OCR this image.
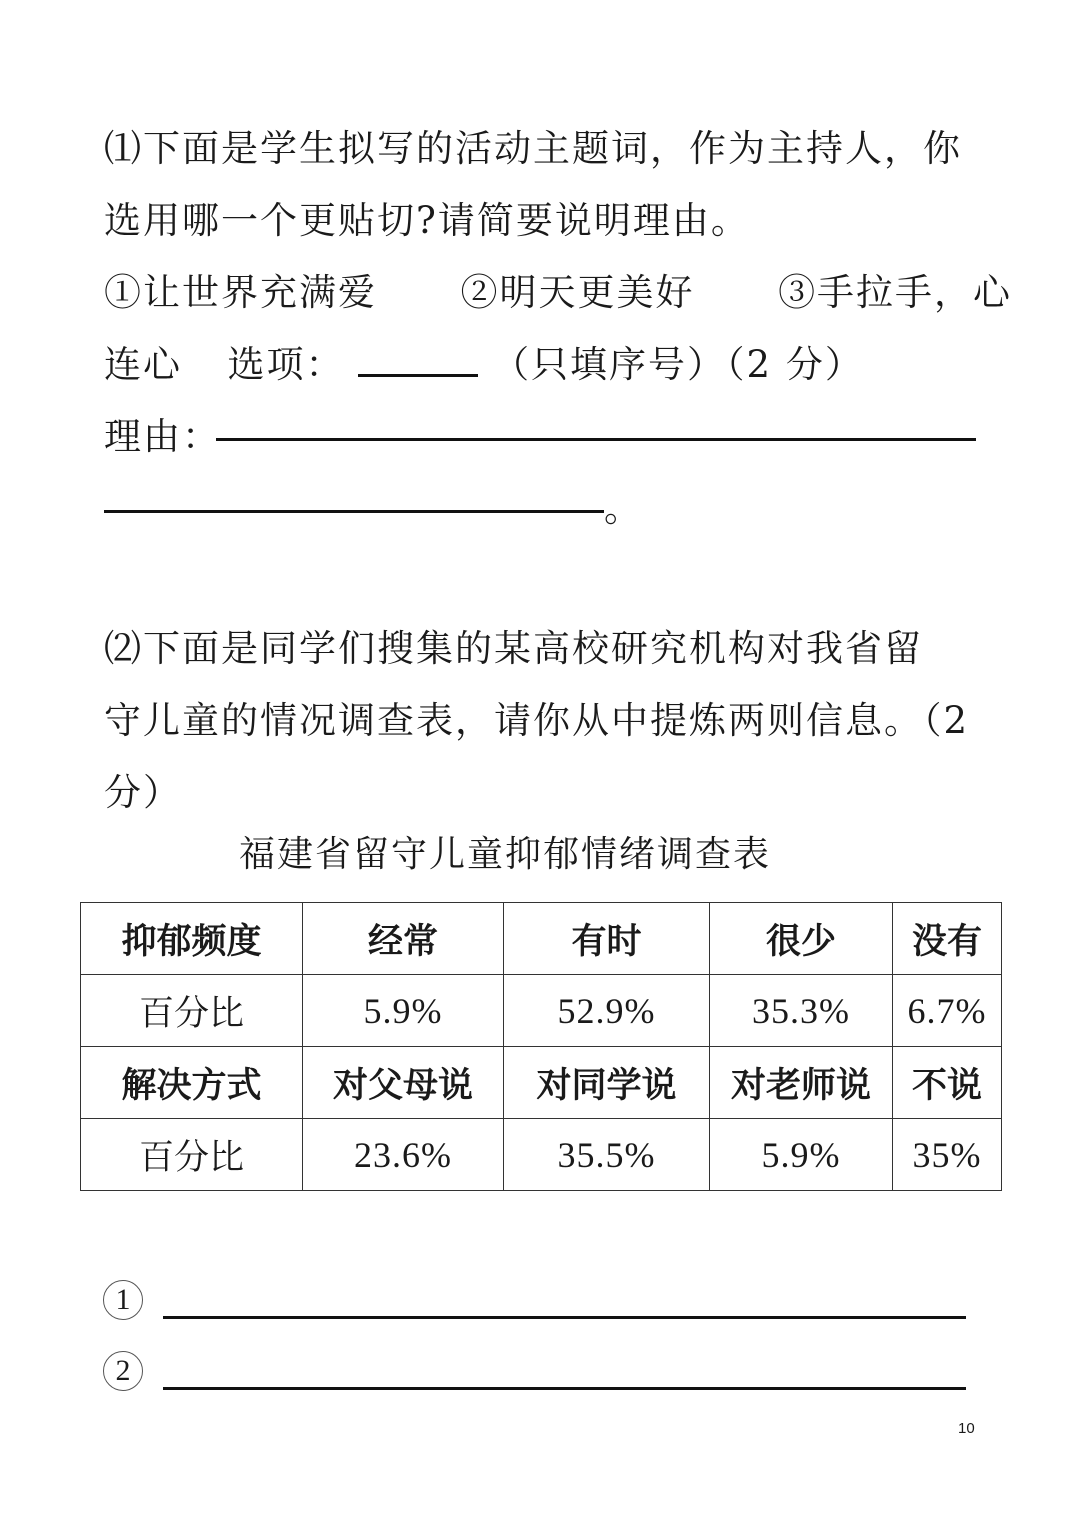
⑴下面是学生拟写的活动主题词，作为主持人，你
选用哪一个更贴切?请简要说明理由。
①让世界充满爱 ②明天更美好 ③手拉手，心
连心 选项：	（只填序号）（2 分）
理由：
。
⑵下面是同学们搜集的某高校研究机构对我省留
守儿童的情况调查表，请你从中提炼两则信息。（2
分）
福建省留守儿童抑郁情绪调查表
抑郁频度	经常	有时	很少	没有
百分比	5.9%	52.9%	35.3%	6.7%
解决方式	对父母说	对同学说	对老师说	不说
百分比	23.6%	35.5%	5.9%	35%
1
2
10
